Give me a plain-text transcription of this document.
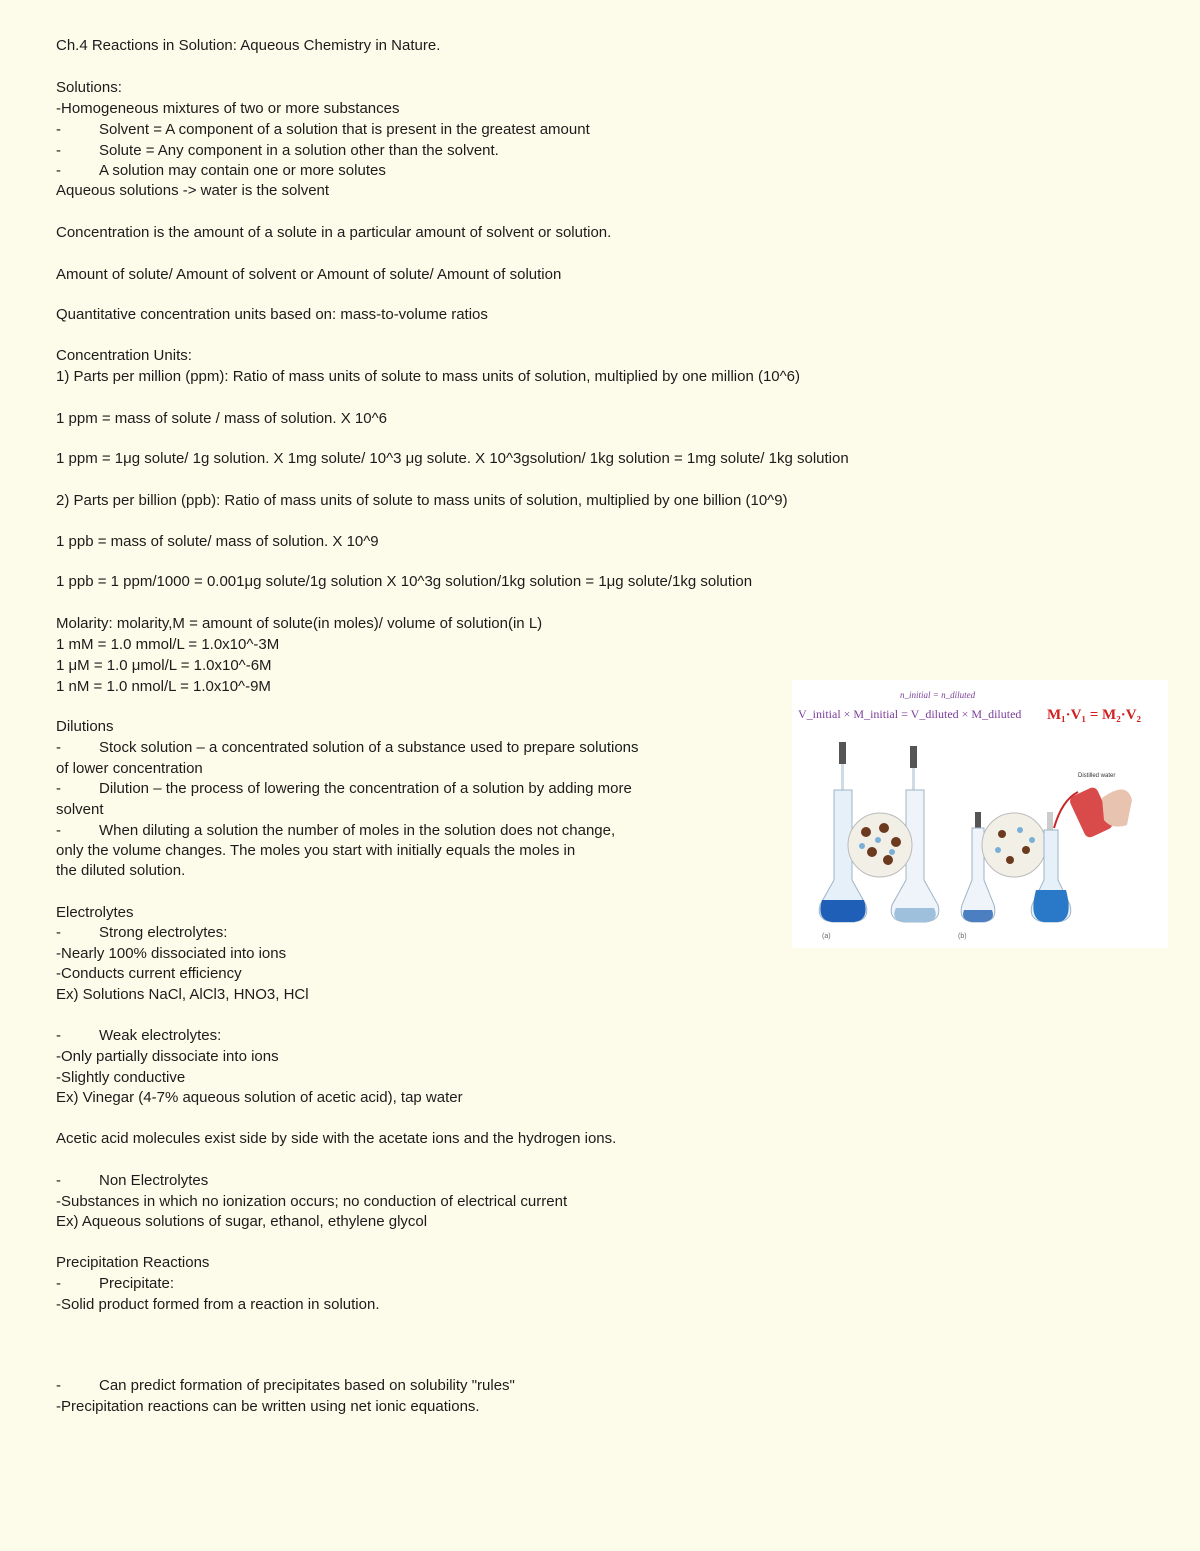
Ch.4 Reactions in Solution: Aqueous Chemistry in Nature.
Solutions:
-Homogeneous mixtures of two or more substances
-	Solvent = A component of a solution that is present in the greatest amount
-	Solute = Any component in a solution other than the solvent.
-	A solution may contain one or more solutes
Aqueous solutions -> water is the solvent
Concentration is the amount of a solute in a particular amount of solvent or solution.
Amount of solute/ Amount of solvent or Amount of solute/ Amount of solution
Quantitative concentration units based on: mass-to-volume ratios
Concentration Units:
1) Parts per million (ppm): Ratio of mass units of solute to mass units of solution, multiplied by one million (10^6)
1 ppm = mass of solute / mass of solution. X 10^6
1 ppm = 1μg solute/ 1g solution. X 1mg solute/ 10^3 μg solute. X 10^3gsolution/ 1kg solution = 1mg solute/ 1kg solution
2) Parts per billion (ppb): Ratio of mass units of solute to mass units of solution, multiplied by one billion (10^9)
1 ppb = mass of solute/ mass of solution. X 10^9
1 ppb = 1 ppm/1000 = 0.001μg solute/1g solution X 10^3g solution/1kg solution = 1μg solute/1kg solution
Molarity: molarity,M = amount of solute(in moles)/ volume of solution(in L)
1 mM = 1.0 mmol/L = 1.0x10^-3M
1 μM = 1.0 μmol/L = 1.0x10^-6M
1 nM = 1.0 nmol/L = 1.0x10^-9M
Dilutions
-	Stock solution – a concentrated solution of a substance used to prepare solutions
of lower concentration
-	Dilution – the process of lowering the concentration of a solution by adding more
solvent
-	When diluting a solution the number of moles in the solution does not change,
only the volume changes. The moles you start with initially equals the moles in
the diluted solution.
Electrolytes
-	Strong electrolytes:
-Nearly 100% dissociated into ions
-Conducts current efficiency
Ex) Solutions NaCl, AlCl3, HNO3, HCl
-	Weak electrolytes:
-Only partially dissociate into ions
-Slightly conductive
Ex) Vinegar (4-7% aqueous solution of acetic acid), tap water
Acetic acid molecules exist side by side with the acetate ions and the hydrogen ions.
-	Non Electrolytes
-Substances in which no ionization occurs; no conduction of electrical current
Ex) Aqueous solutions of sugar, ethanol, ethylene glycol
Precipitation Reactions
-	Precipitate:
-Solid product formed from a reaction in solution.
-	Can predict formation of precipitates based on solubility "rules"
-Precipitation reactions can be written using net ionic equations.
n_initial = n_diluted
V_initial × M_initial = V_diluted × M_diluted M₁·V₁ = M₂·V₂
Distilled water
(a)	(b)
